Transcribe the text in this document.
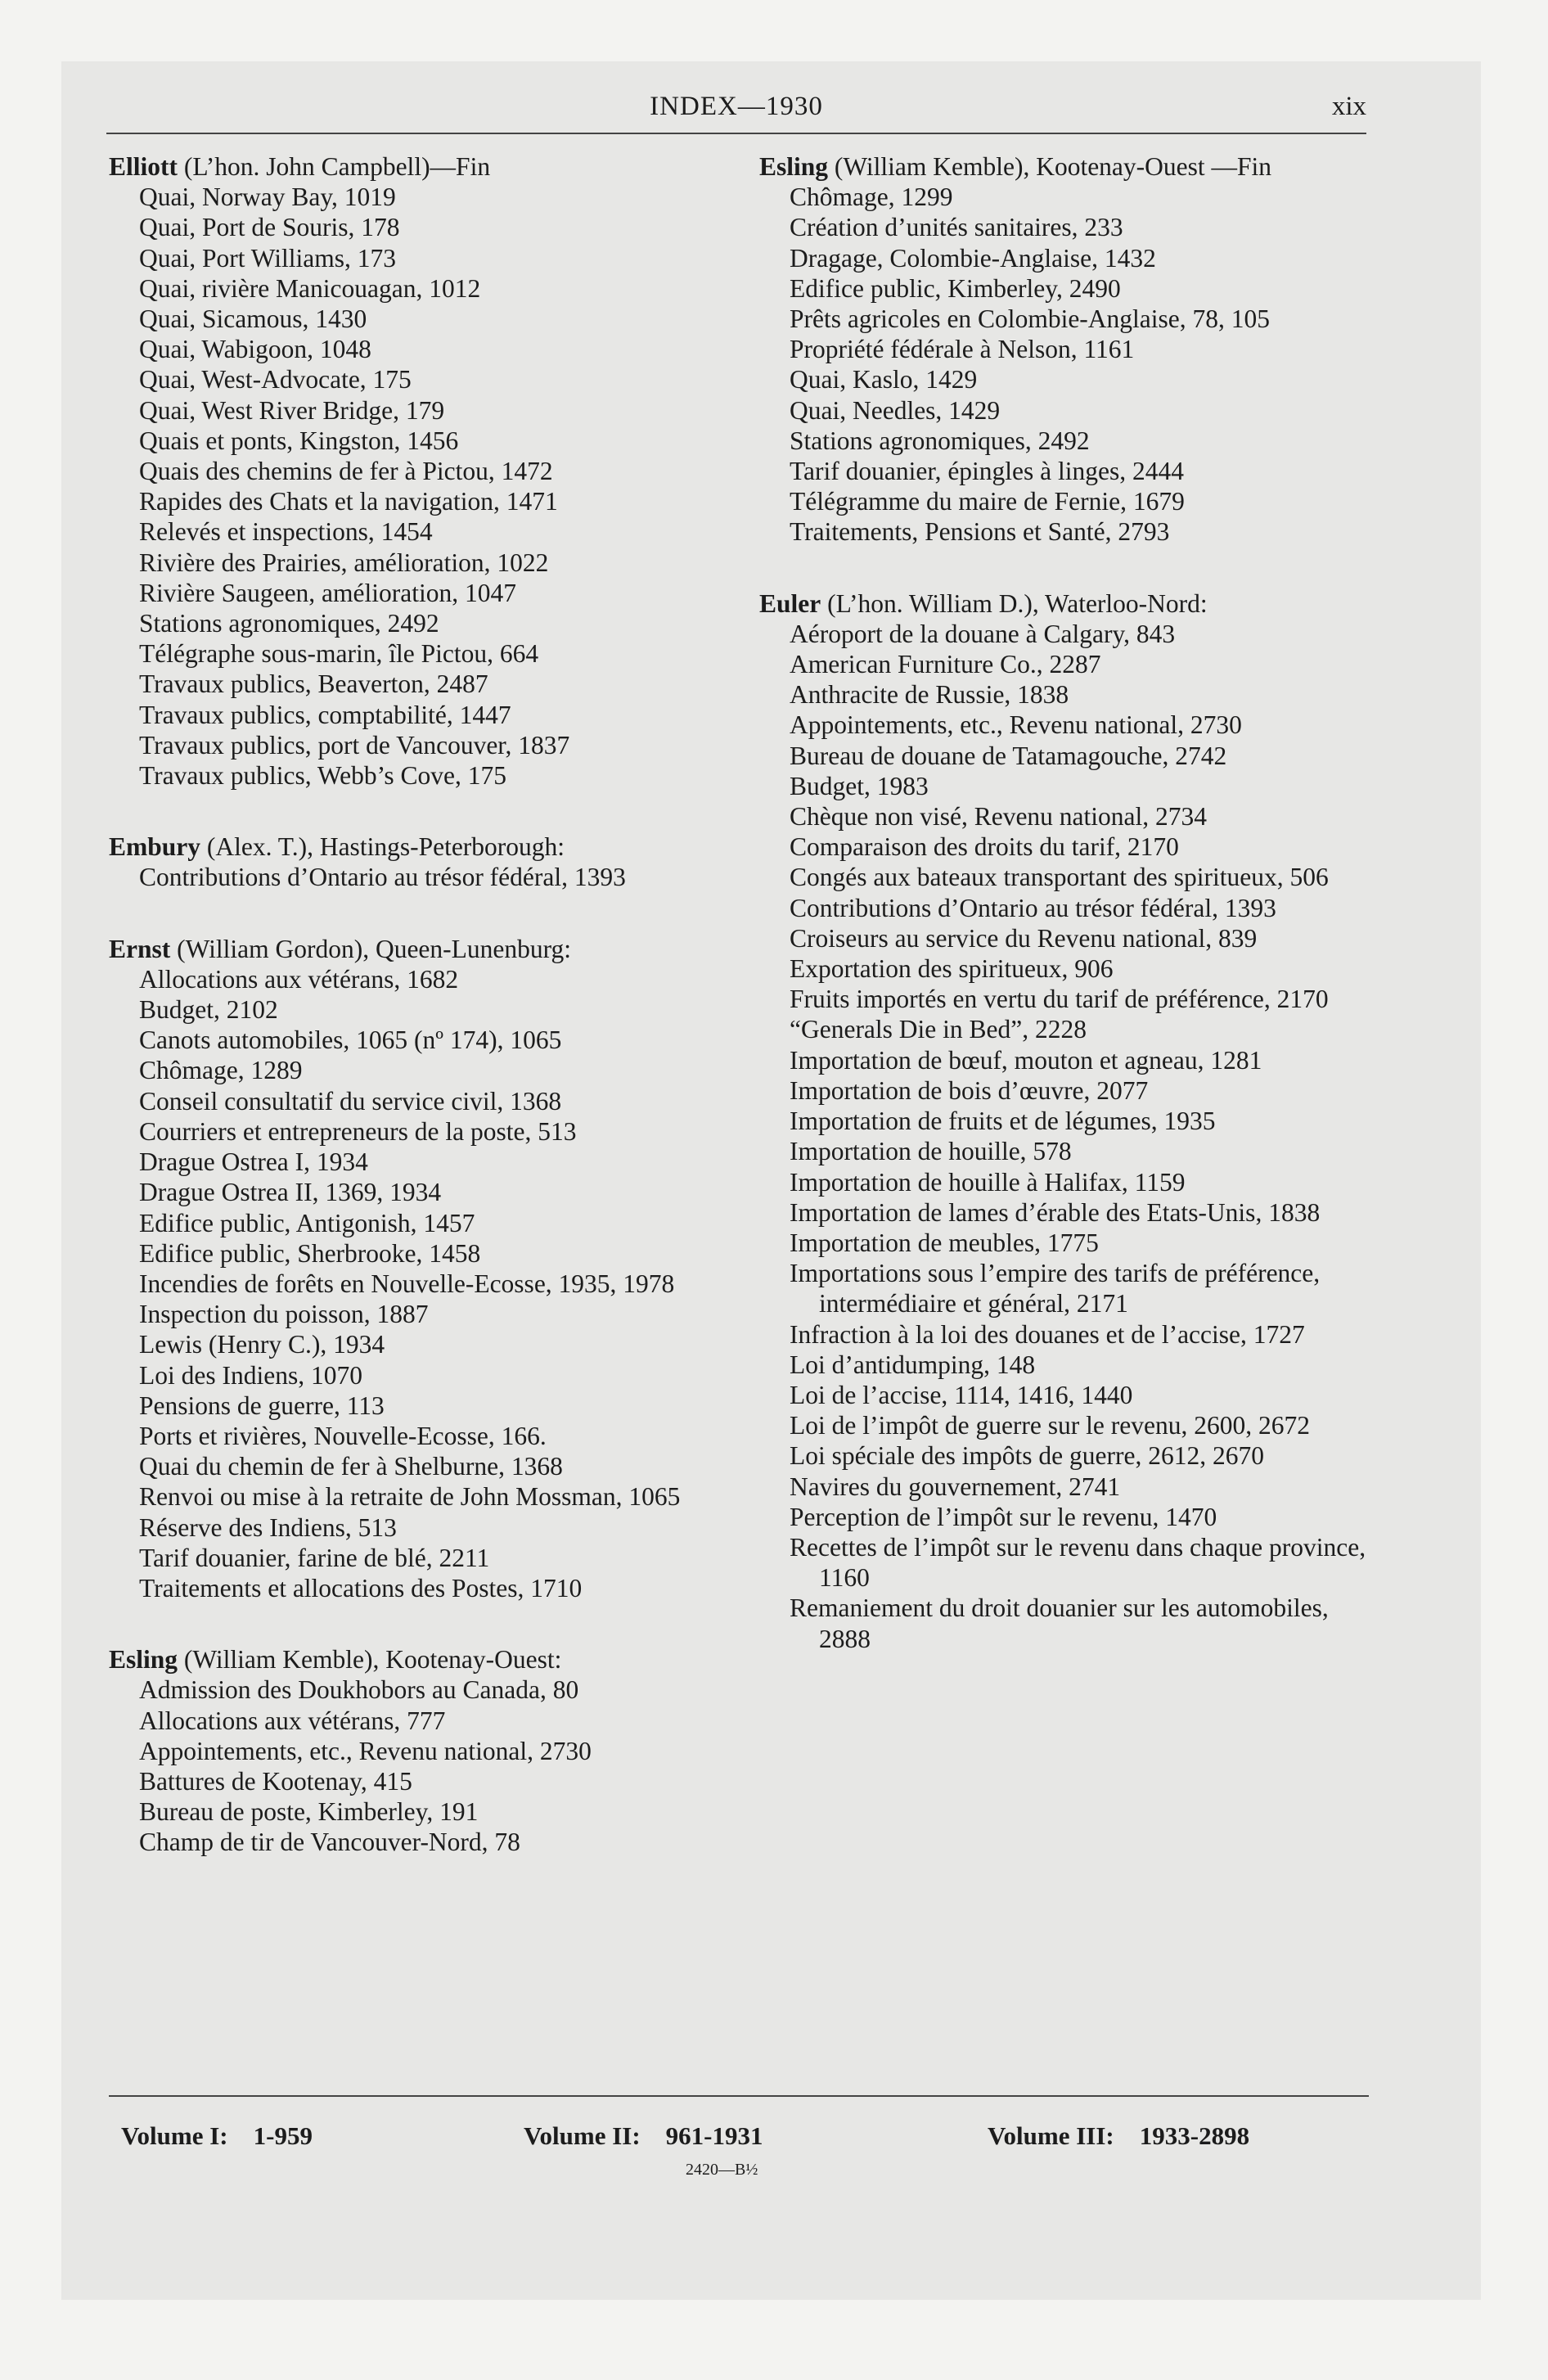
INDEX—1930	xix
Elliott (L’hon. John Campbell)—Fin
Quai, Norway Bay, 1019
Quai, Port de Souris, 178
Quai, Port Williams, 173
Quai, rivière Manicouagan, 1012
Quai, Sicamous, 1430
Quai, Wabigoon, 1048
Quai, West-Advocate, 175
Quai, West River Bridge, 179
Quais et ponts, Kingston, 1456
Quais des chemins de fer à Pictou, 1472
Rapides des Chats et la navigation, 1471
Relevés et inspections, 1454
Rivière des Prairies, amélioration, 1022
Rivière Saugeen, amélioration, 1047
Stations agronomiques, 2492
Télégraphe sous-marin, île Pictou, 664
Travaux publics, Beaverton, 2487
Travaux publics, comptabilité, 1447
Travaux publics, port de Vancouver, 1837
Travaux publics, Webb’s Cove, 175
Embury (Alex. T.), Hastings-Peterborough:
Contributions d’Ontario au trésor fédéral, 1393
Ernst (William Gordon), Queen-Lunenburg:
Allocations aux vétérans, 1682
Budget, 2102
Canots automobiles, 1065 (nº 174), 1065
Chômage, 1289
Conseil consultatif du service civil, 1368
Courriers et entrepreneurs de la poste, 513
Drague Ostrea I, 1934
Drague Ostrea II, 1369, 1934
Edifice public, Antigonish, 1457
Edifice public, Sherbrooke, 1458
Incendies de forêts en Nouvelle-Ecosse, 1935, 1978
Inspection du poisson, 1887
Lewis (Henry C.), 1934
Loi des Indiens, 1070
Pensions de guerre, 113
Ports et rivières, Nouvelle-Ecosse, 166.
Quai du chemin de fer à Shelburne, 1368
Renvoi ou mise à la retraite de John Mossman, 1065
Réserve des Indiens, 513
Tarif douanier, farine de blé, 2211
Traitements et allocations des Postes, 1710
Esling (William Kemble), Kootenay-Ouest:
Admission des Doukhobors au Canada, 80
Allocations aux vétérans, 777
Appointements, etc., Revenu national, 2730
Battures de Kootenay, 415
Bureau de poste, Kimberley, 191
Champ de tir de Vancouver-Nord, 78
Esling (William Kemble), Kootenay-Ouest —Fin
Chômage, 1299
Création d’unités sanitaires, 233
Dragage, Colombie-Anglaise, 1432
Edifice public, Kimberley, 2490
Prêts agricoles en Colombie-Anglaise, 78, 105
Propriété fédérale à Nelson, 1161
Quai, Kaslo, 1429
Quai, Needles, 1429
Stations agronomiques, 2492
Tarif douanier, épingles à linges, 2444
Télégramme du maire de Fernie, 1679
Traitements, Pensions et Santé, 2793
Euler (L’hon. William D.), Waterloo-Nord:
Aéroport de la douane à Calgary, 843
American Furniture Co., 2287
Anthracite de Russie, 1838
Appointements, etc., Revenu national, 2730
Bureau de douane de Tatamagouche, 2742
Budget, 1983
Chèque non visé, Revenu national, 2734
Comparaison des droits du tarif, 2170
Congés aux bateaux transportant des spiritueux, 506
Contributions d’Ontario au trésor fédéral, 1393
Croiseurs au service du Revenu national, 839
Exportation des spiritueux, 906
Fruits importés en vertu du tarif de préférence, 2170
“Generals Die in Bed”, 2228
Importation de bœuf, mouton et agneau, 1281
Importation de bois d’œuvre, 2077
Importation de fruits et de légumes, 1935
Importation de houille, 578
Importation de houille à Halifax, 1159
Importation de lames d’érable des Etats-Unis, 1838
Importation de meubles, 1775
Importations sous l’empire des tarifs de préférence, intermédiaire et général, 2171
Infraction à la loi des douanes et de l’accise, 1727
Loi d’antidumping, 148
Loi de l’accise, 1114, 1416, 1440
Loi de l’impôt de guerre sur le revenu, 2600, 2672
Loi spéciale des impôts de guerre, 2612, 2670
Navires du gouvernement, 2741
Perception de l’impôt sur le revenu, 1470
Recettes de l’impôt sur le revenu dans chaque province, 1160
Remaniement du droit douanier sur les automobiles, 2888
Volume I:    1-959	Volume II:    961-1931	Volume III:    1933-2898
2420—B½
